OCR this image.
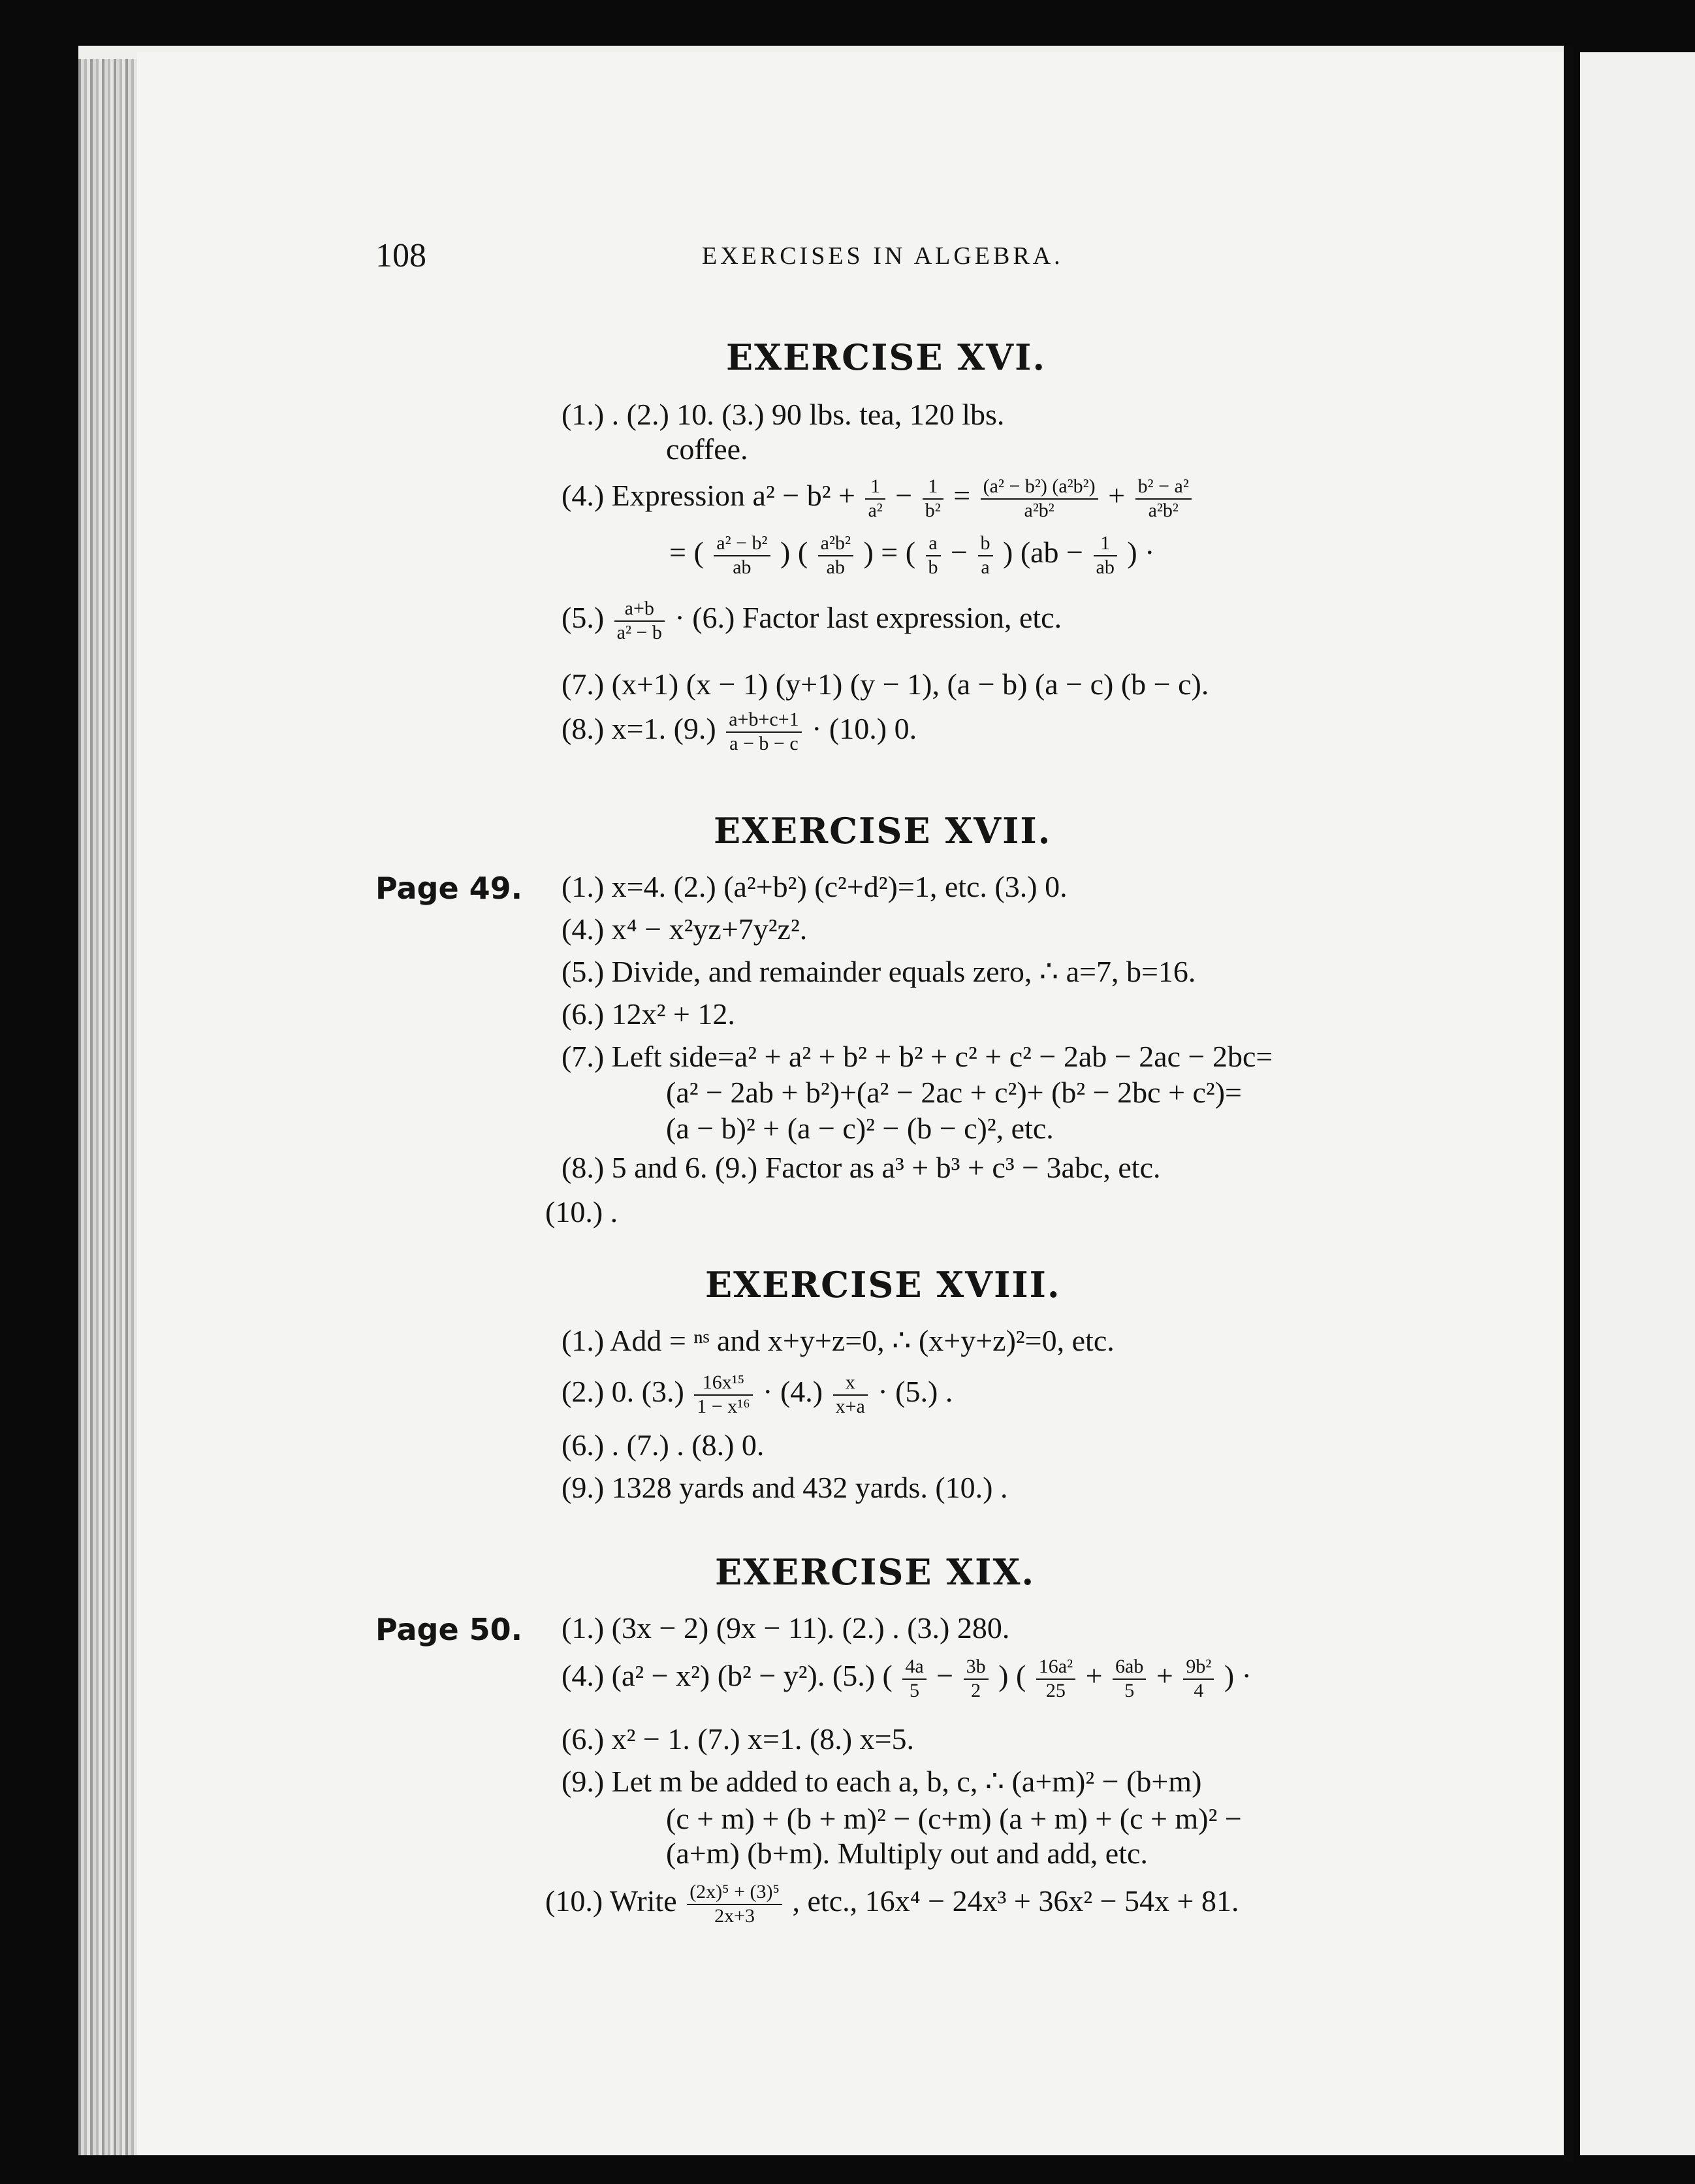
108	EXERCISES IN ALGEBRA.
EXERCISE XVI.
(1.) . (2.) 10. (3.) 90 lbs. tea, 120 lbs.
coffee.
(4.) Expression $a^2 - b^2 + \frac{1}{\text{a²}} - \frac{1}{\text{b²}} = \frac{\text{(a² − b²) (a²b²)}}{\text{a²b²}} + \frac{\text{b² − a²}}{\text{a²b²}}$
= ( $\frac{\text{a² − b²}}{ab}$ ) ( $\frac{\text{a²b²}}{ab}$ ) = ( $\frac{a}{b} - \frac{b}{a}$ ) ($ab - \frac{1}{ab}$ ) ·
$(5.) \frac{a+b}{\text{a² − b}} \cdot (6.)$ Factor last expression, etc.
(7.) (x+1) (x − 1) (y+1) (y − 1), (a − b) (a − c) (b − c).
(8.) x=1. $(9.) \frac{a+b+c+1}{a - b - c} \cdot (10.)$ 0.
EXERCISE XVII.
Page 49. (1.) x=4. (2.) (a²+b²) (c²+d²)=1, etc. (3.) 0.
(4.) x⁴ − x²yz+7y²z².
(5.) Divide, and remainder equals zero, ∴ a=7, b=16.
(6.) 12x² + 12.
(7.) Left side=a² + a² + b² + b² + c² + c² − 2ab − 2ac − 2bc=
(a² − 2ab + b²)+(a² − 2ac + c²)+ (b² − 2bc + c²)=
(a − b)² + (a − c)² − (b − c)², etc.
(8.) 5 and 6. (9.) Factor as a³ + b³ + c³ − 3abc, etc.
(10.) .
EXERCISE XVIII.
(1.) Add = ⁿˢ and x+y+z=0, ∴ (x+y+z)²=0, etc.
(2.) 0. $(3.) \frac{\text{16x¹⁵}}{\text{1 − x¹⁶}} \cdot (4.) \frac{x}{x+a} \cdot (5.)$ .
(6.) . (7.) . (8.) 0.
(9.) 1328 yards and 432 yards. (10.) .
EXERCISE XIX.
Page 50. (1.) (3x − 2) (9x − 11). (2.) . (3.) 280.
(4.) (a² − x²) (b² − y²). (5.) ( $\frac{4a}{5} - \frac{3b}{2}$ ) ( $\frac{\text{16a²}}{25} + \frac{6ab}{5} + \frac{\text{9b²}}{4}$ ) ·
(6.) x² − 1. (7.) x=1. (8.) x=5.
(9.) Let m be added to each a, b, c, ∴ (a+m)² − (b+m)
(c + m) + (b + m)² − (c+m) (a + m) + (c + m)² −
(a+m) (b+m). Multiply out and add, etc.
(10.) Write $\frac{\text{(2x)⁵ + (3)⁵}}{2x+3}$ , etc., 16x⁴ − 24x³ + 36x² − 54x + 81.
